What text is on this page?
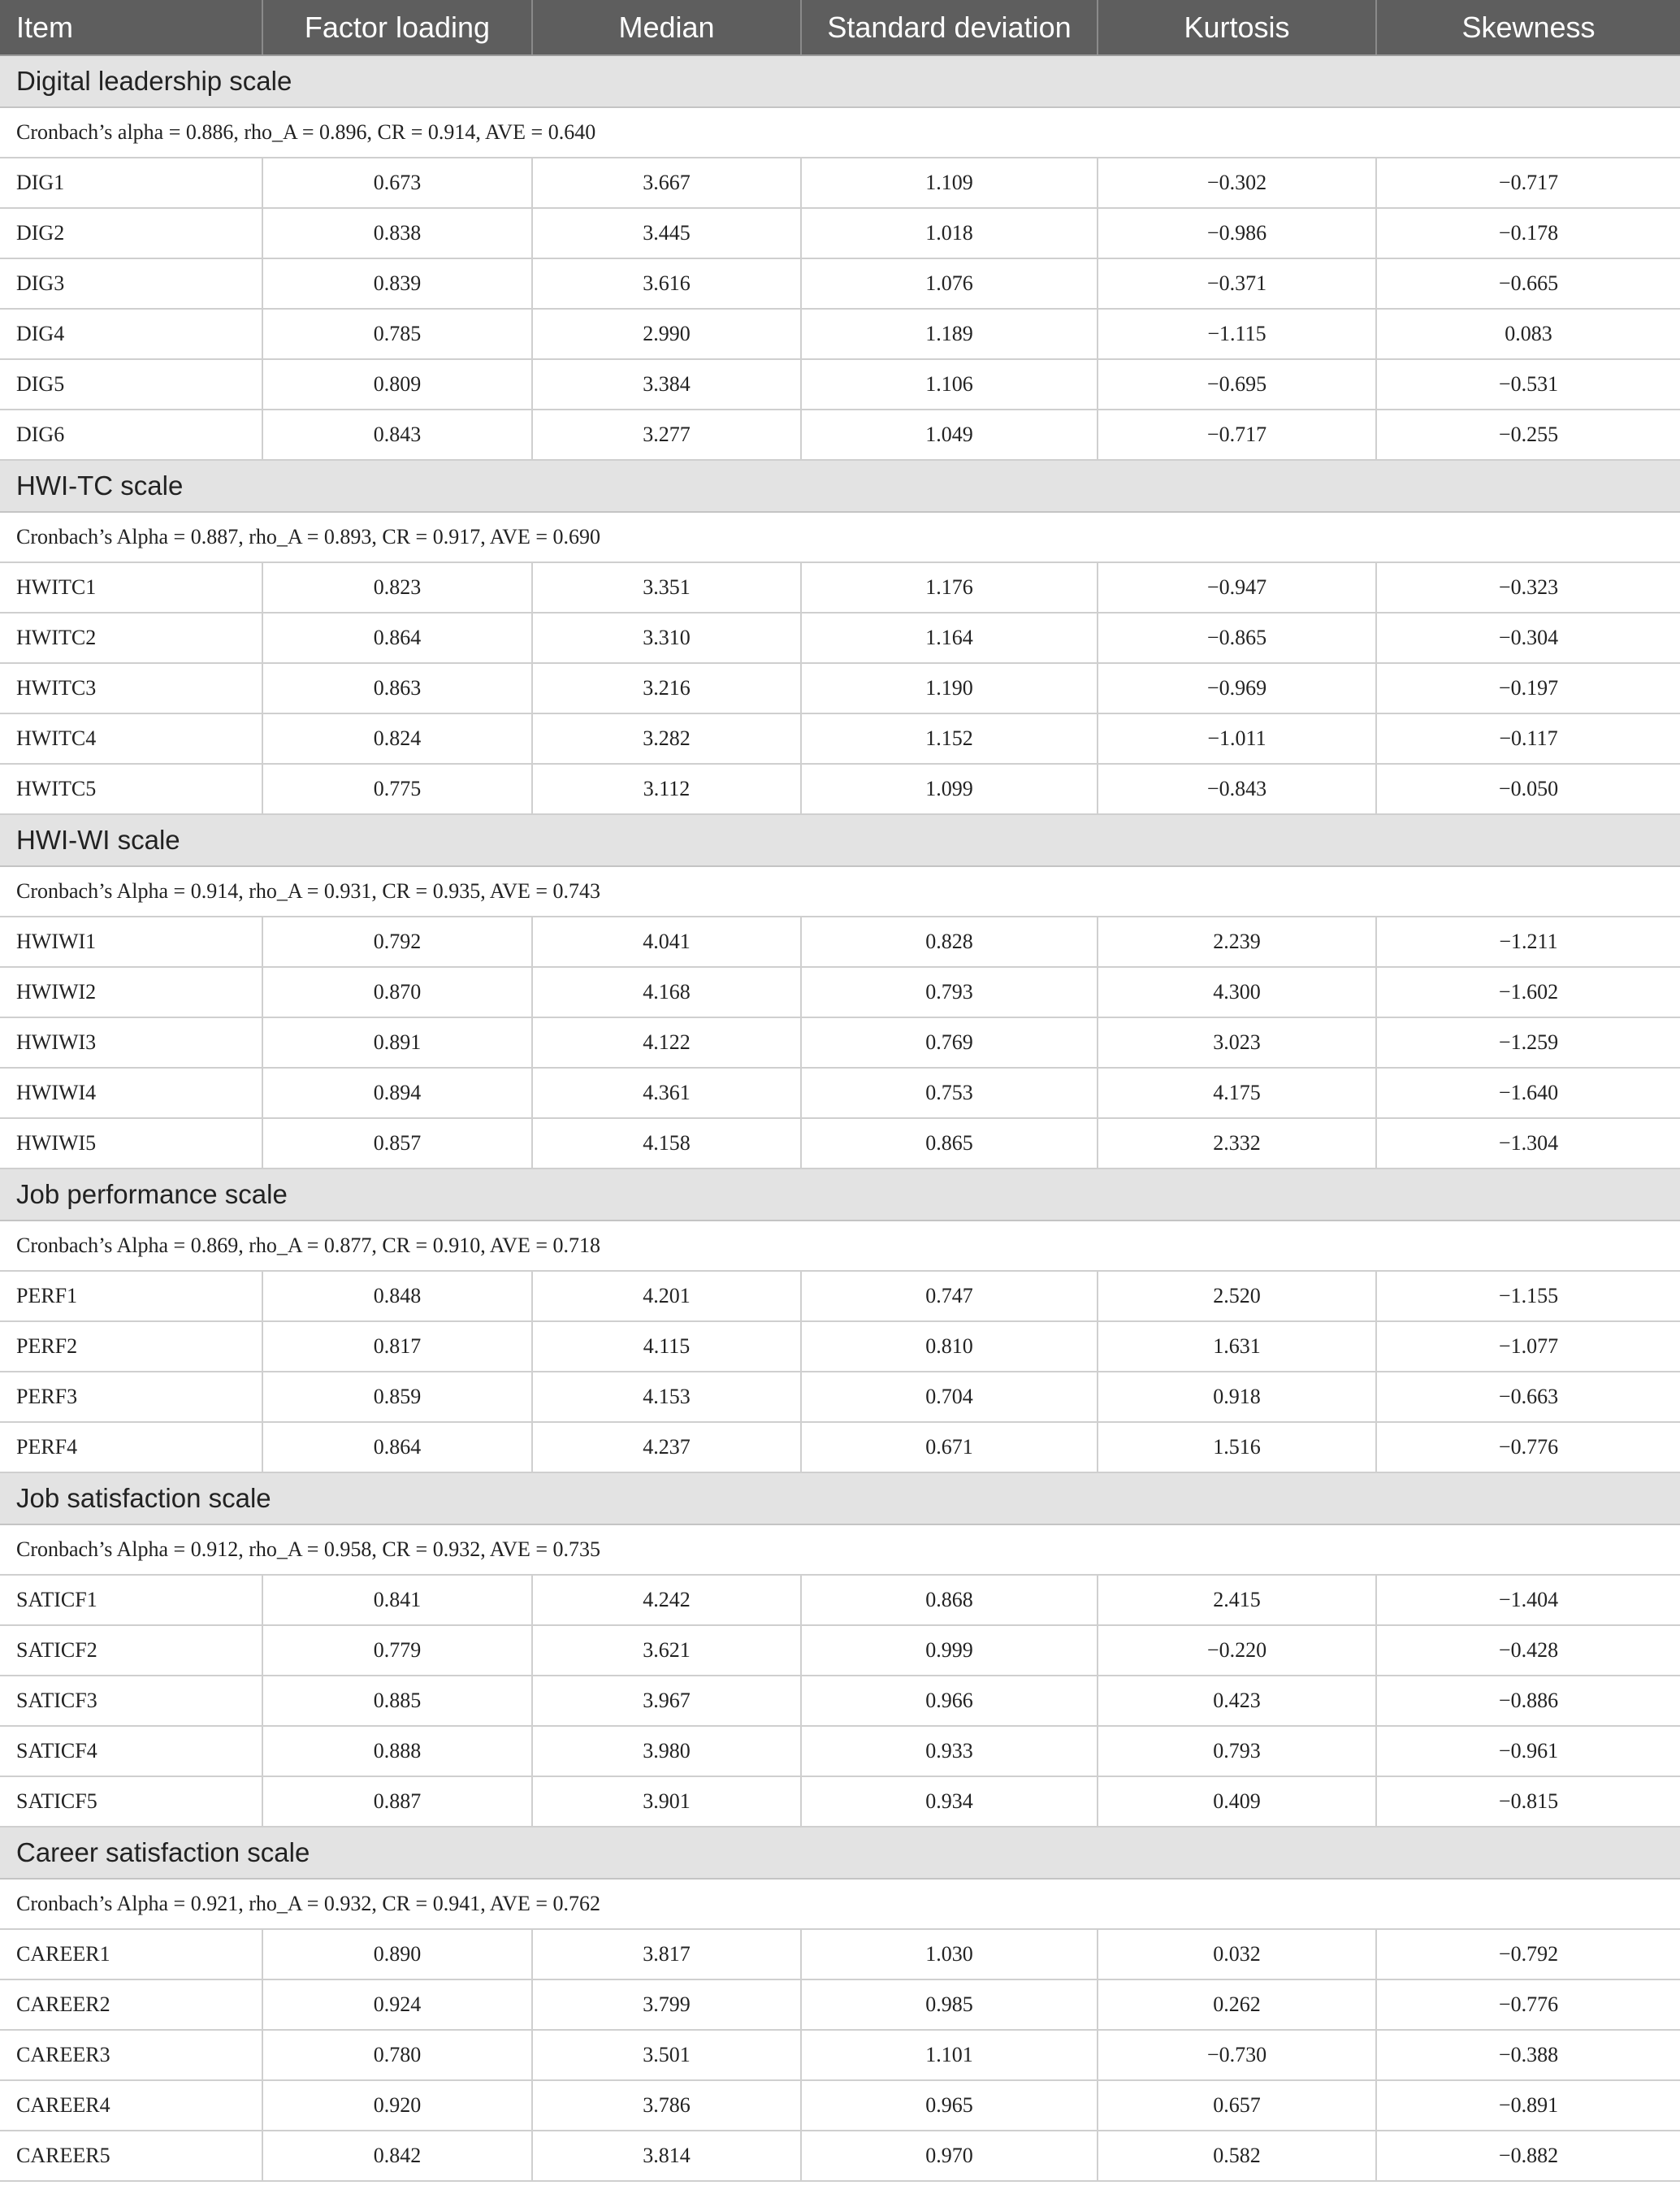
Item	Factor loading	Median	Standard deviation	Kurtosis	Skewness
Digital leadership scale					
Cronbach’s alpha = 0.886, rho_A = 0.896, CR = 0.914, AVE = 0.640					
DIG1	0.673	3.667	1.109	−0.302	−0.717
DIG2	0.838	3.445	1.018	−0.986	−0.178
DIG3	0.839	3.616	1.076	−0.371	−0.665
DIG4	0.785	2.990	1.189	−1.115	0.083
DIG5	0.809	3.384	1.106	−0.695	−0.531
DIG6	0.843	3.277	1.049	−0.717	−0.255
HWI-TC scale					
Cronbach’s Alpha = 0.887, rho_A = 0.893, CR = 0.917, AVE = 0.690					
HWITC1	0.823	3.351	1.176	−0.947	−0.323
HWITC2	0.864	3.310	1.164	−0.865	−0.304
HWITC3	0.863	3.216	1.190	−0.969	−0.197
HWITC4	0.824	3.282	1.152	−1.011	−0.117
HWITC5	0.775	3.112	1.099	−0.843	−0.050
HWI-WI scale					
Cronbach’s Alpha = 0.914, rho_A = 0.931, CR = 0.935, AVE = 0.743					
HWIWI1	0.792	4.041	0.828	2.239	−1.211
HWIWI2	0.870	4.168	0.793	4.300	−1.602
HWIWI3	0.891	4.122	0.769	3.023	−1.259
HWIWI4	0.894	4.361	0.753	4.175	−1.640
HWIWI5	0.857	4.158	0.865	2.332	−1.304
Job performance scale					
Cronbach’s Alpha = 0.869, rho_A = 0.877, CR = 0.910, AVE = 0.718					
PERF1	0.848	4.201	0.747	2.520	−1.155
PERF2	0.817	4.115	0.810	1.631	−1.077
PERF3	0.859	4.153	0.704	0.918	−0.663
PERF4	0.864	4.237	0.671	1.516	−0.776
Job satisfaction scale					
Cronbach’s Alpha = 0.912, rho_A = 0.958, CR = 0.932, AVE = 0.735					
SATICF1	0.841	4.242	0.868	2.415	−1.404
SATICF2	0.779	3.621	0.999	−0.220	−0.428
SATICF3	0.885	3.967	0.966	0.423	−0.886
SATICF4	0.888	3.980	0.933	0.793	−0.961
SATICF5	0.887	3.901	0.934	0.409	−0.815
Career satisfaction scale					
Cronbach’s Alpha = 0.921, rho_A = 0.932, CR = 0.941, AVE = 0.762					
CAREER1	0.890	3.817	1.030	0.032	−0.792
CAREER2	0.924	3.799	0.985	0.262	−0.776
CAREER3	0.780	3.501	1.101	−0.730	−0.388
CAREER4	0.920	3.786	0.965	0.657	−0.891
CAREER5	0.842	3.814	0.970	0.582	−0.882
